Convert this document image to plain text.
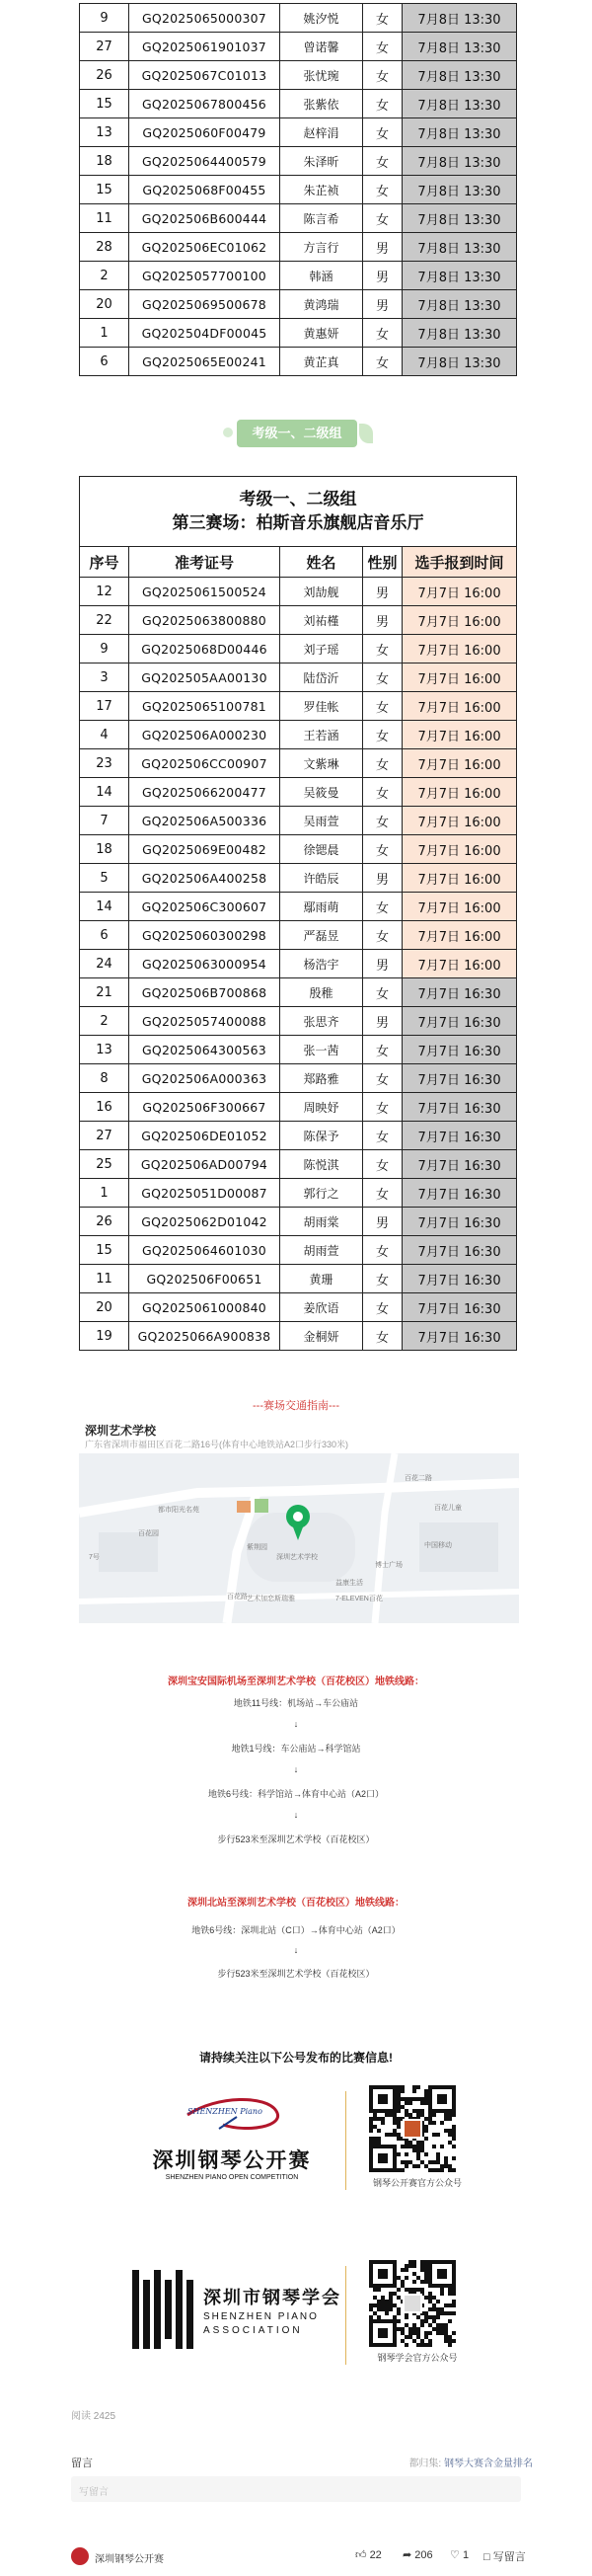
9	GQ2025065000307	姚汐悦	女	7月8日 13:30
27	GQ2025061901037	曾诺馨	女	7月8日 13:30
26	GQ2025067C01013	张忧琬	女	7月8日 13:30
15	GQ2025067800456	张紫依	女	7月8日 13:30
13	GQ2025060F00479	赵梓涓	女	7月8日 13:30
18	GQ2025064400579	朱泽昕	女	7月8日 13:30
15	GQ2025068F00455	朱芷祯	女	7月8日 13:30
11	GQ202506B600444	陈言希	女	7月8日 13:30
28	GQ202506EC01062	方言行	男	7月8日 13:30
2	GQ2025057700100	韩涵	男	7月8日 13:30
20	GQ2025069500678	黄鸿瑞	男	7月8日 13:30
1	GQ202504DF00045	黄惠妍	女	7月8日 13:30
6	GQ2025065E00241	黄芷真	女	7月8日 13:30
考级一、二级组
考级一、二级组
第三赛场：柏斯音乐旗舰店音乐厅				

序号	准考证号	姓名	性别	选手报到时间
12	GQ2025061500524	刘劼舰	男	7月7日 16:00
22	GQ2025063800880	刘祐槿	男	7月7日 16:00
9	GQ2025068D00446	刘子瑶	女	7月7日 16:00
3	GQ202505AA00130	陆岱沂	女	7月7日 16:00
17	GQ2025065100781	罗佳帐	女	7月7日 16:00
4	GQ202506A000230	王若涵	女	7月7日 16:00
23	GQ202506CC00907	文紫琳	女	7月7日 16:00
14	GQ2025066200477	吴筱曼	女	7月7日 16:00
7	GQ202506A500336	吴雨萱	女	7月7日 16:00
18	GQ2025069E00482	徐锶晨	女	7月7日 16:00
5	GQ202506A400258	许皓辰	男	7月7日 16:00
14	GQ202506C300607	鄢雨萌	女	7月7日 16:00
6	GQ2025060300298	严磊昱	女	7月7日 16:00
24	GQ2025063000954	杨浩宇	男	7月7日 16:00
21	GQ202506B700868	殷稚	女	7月7日 16:30
2	GQ2025057400088	张思齐	男	7月7日 16:30
13	GQ2025064300563	张一茜	女	7月7日 16:30
8	GQ202506A000363	郑路雅	女	7月7日 16:30
16	GQ202506F300667	周映妤	女	7月7日 16:30
27	GQ202506DE01052	陈保予	女	7月7日 16:30
25	GQ202506AD00794	陈悦淇	女	7月7日 16:30
1	GQ2025051D00087	郭行之	女	7月7日 16:30
26	GQ2025062D01042	胡雨棠	男	7月7日 16:30
15	GQ2025064601030	胡雨萱	女	7月7日 16:30
11	GQ202506F00651	黄珊	女	7月7日 16:30
20	GQ2025061000840	姜欣语	女	7月7日 16:30
19	GQ2025066A900838	金桐妍	女	7月7日 16:30
---赛场交通指南---
深圳艺术学校
广东省深圳市福田区百花二路16号(体育中心地铁站A2口步行330米)
百花园
都市阳光名苑
紫荆园
深圳艺术学校
百花儿童
中国移动
博士广场
益康生活
7-ELEVEN百花
艺术加恋斯瑞雅
百花路
百花二路
7号
深圳宝安国际机场至深圳艺术学校（百花校区）地铁线路：
地铁11号线：机场站→车公庙站
↓
地铁1号线：车公庙站→科学馆站
↓
地铁6号线：科学馆站→体育中心站（A2口）
↓
步行523米至深圳艺术学校（百花校区）
深圳北站至深圳艺术学校（百花校区）地铁线路：
地铁6号线：深圳北站（C口）→体育中心站（A2口）
↓
步行523米至深圳艺术学校（百花校区）
请持续关注以下公号发布的比赛信息!
SHENZHEN Piano
深圳钢琴公开赛
SHENZHEN PIANO OPEN COMPETITION
钢琴公开赛官方公众号
深圳市钢琴学会
SHENZHEN PIANO
ASSOCIATION
钢琴学会官方公众号
阅读 2425
留言	都归集: 钢琴大赛含金量排名
写留言
深圳钢琴公开赛	👍︎ 22 ➦ 206 ♡ 1 □ 写留言
